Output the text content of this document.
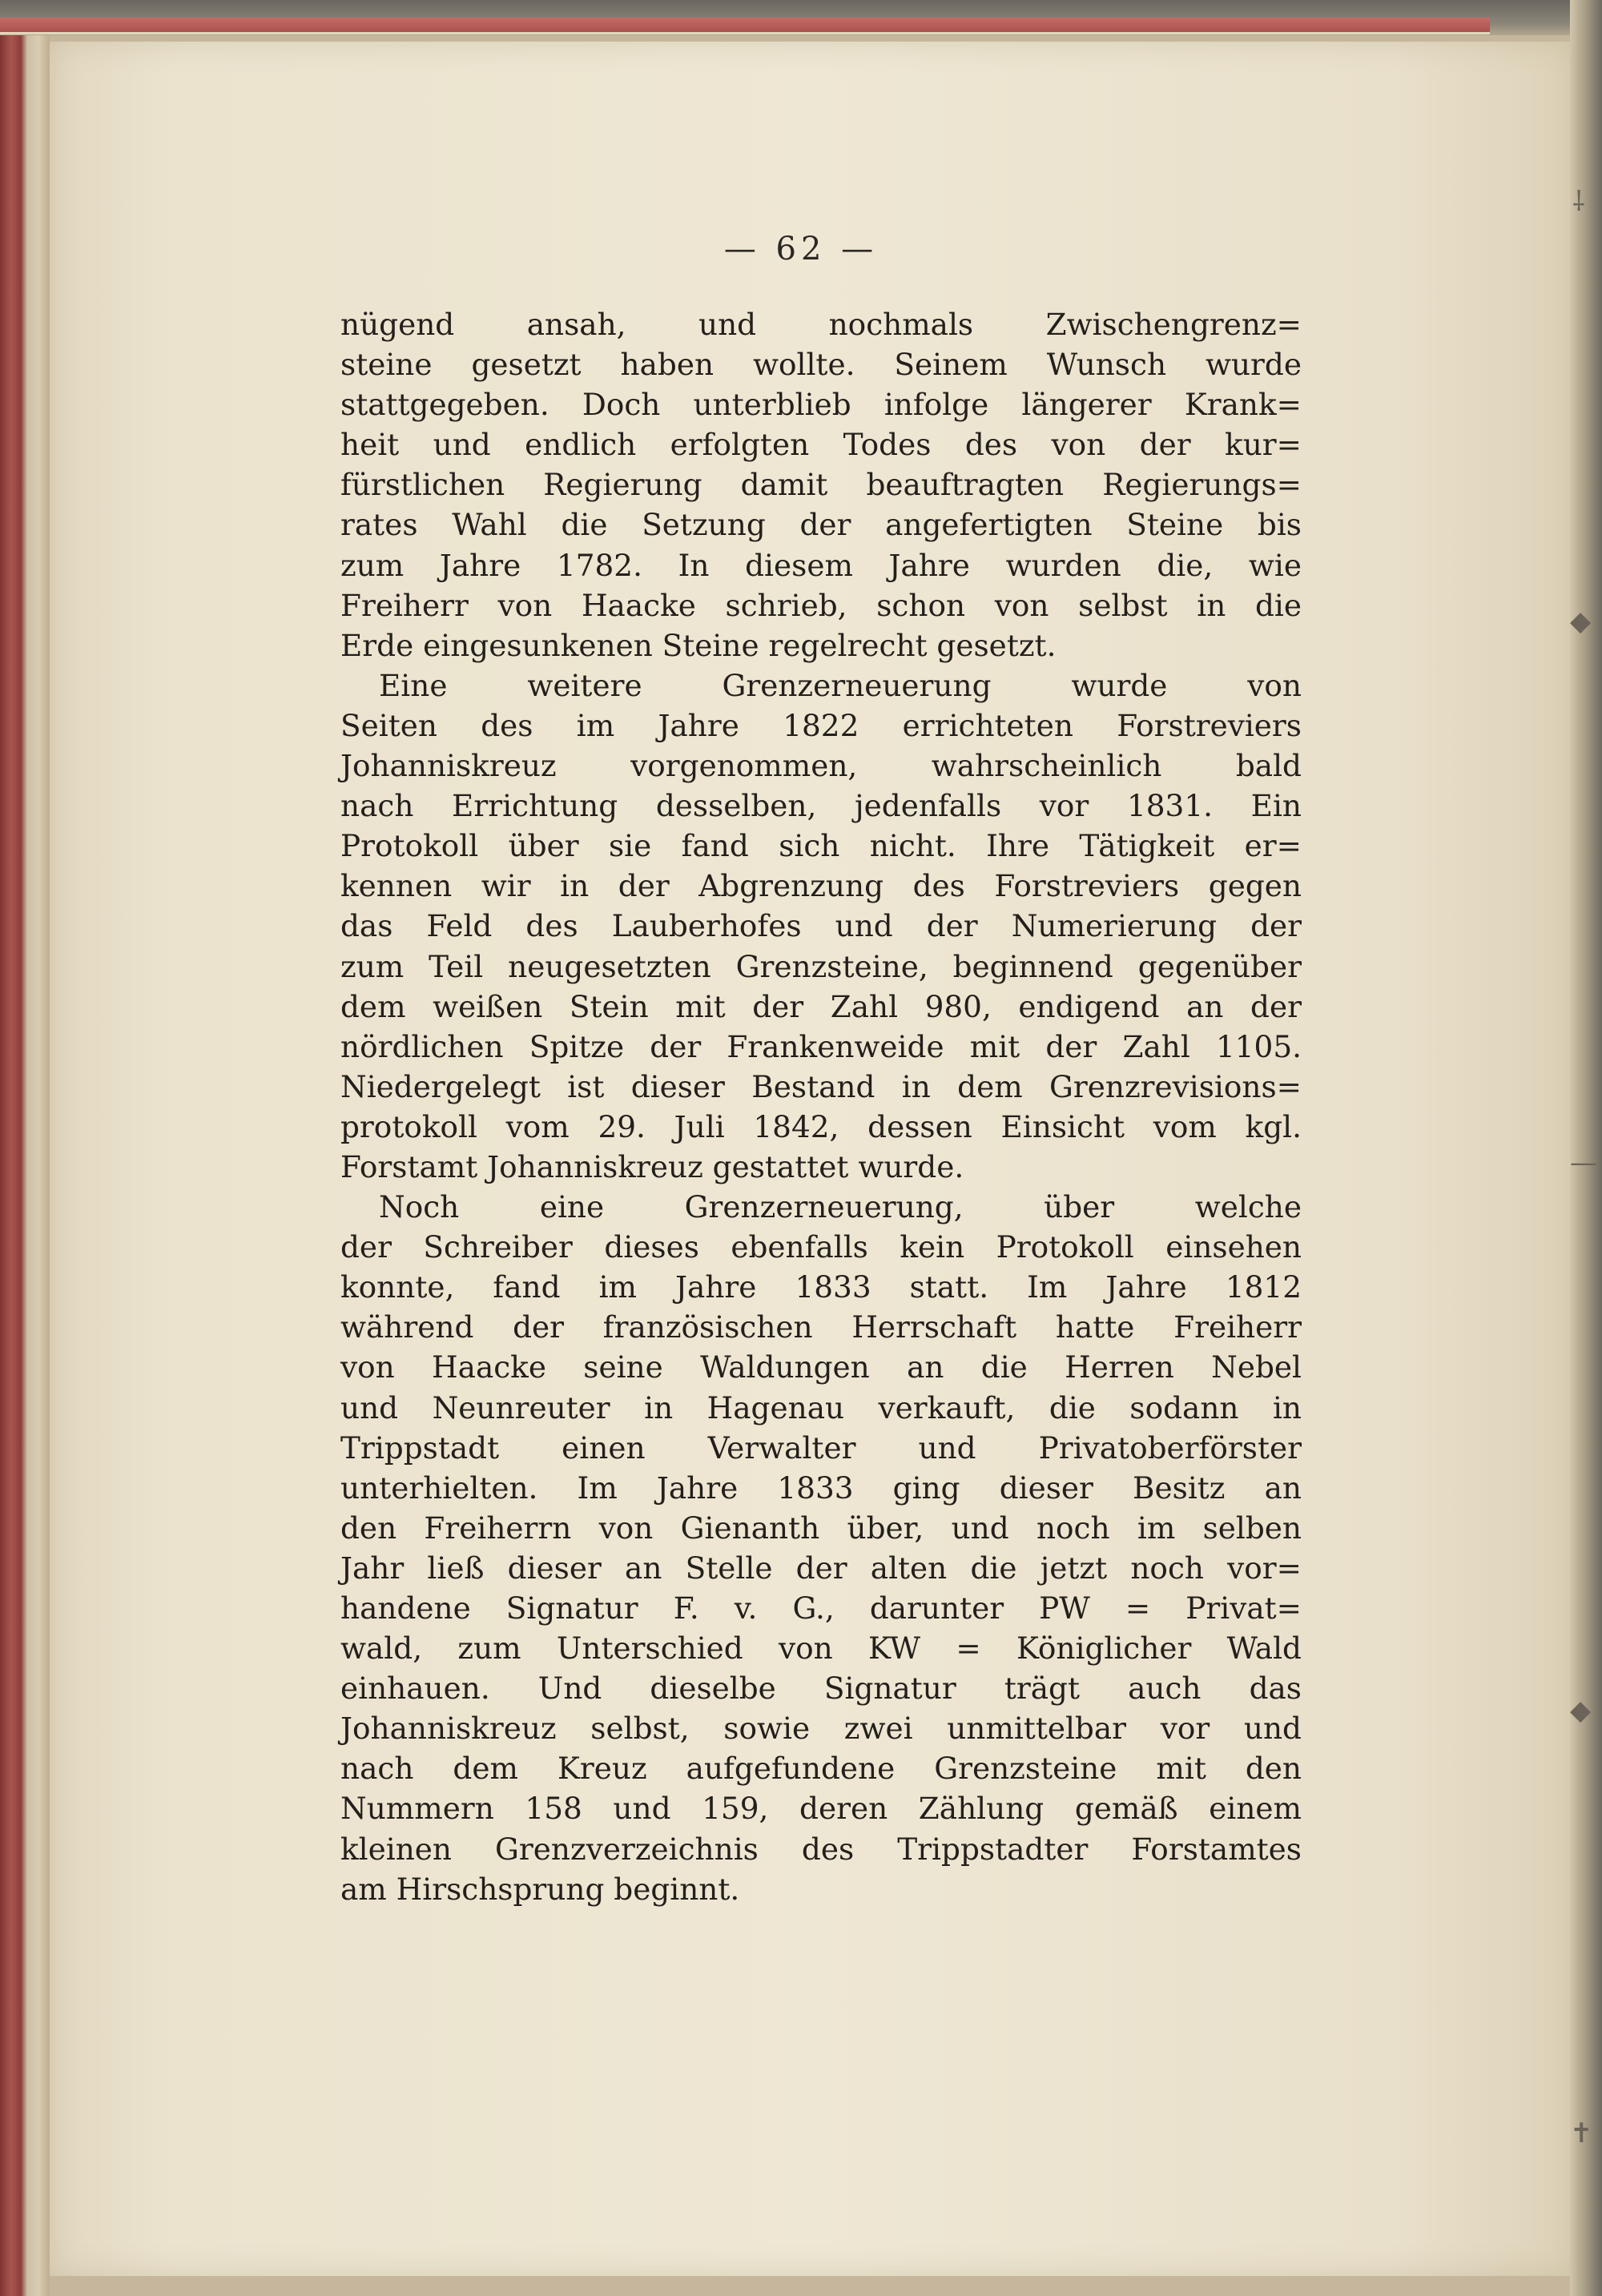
⸸
◆
—
◆
✝
— 62 —
nügend ansah, und nochmals Zwischengrenz=
steine gesetzt haben wollte. Seinem Wunsch wurde
stattgegeben. Doch unterblieb infolge längerer Krank=
heit und endlich erfolgten Todes des von der kur=
fürstlichen Regierung damit beauftragten Regierungs=
rates Wahl die Setzung der angefertigten Steine bis
zum Jahre 1782. In diesem Jahre wurden die, wie
Freiherr von Haacke schrieb, schon von selbst in die
Erde eingesunkenen Steine regelrecht gesetzt.
Eine weitere Grenzerneuerung wurde von
Seiten des im Jahre 1822 errichteten Forstreviers
Johanniskreuz vorgenommen, wahrscheinlich bald
nach Errichtung desselben, jedenfalls vor 1831. Ein
Protokoll über sie fand sich nicht. Ihre Tätigkeit er=
kennen wir in der Abgrenzung des Forstreviers gegen
das Feld des Lauberhofes und der Numerierung der
zum Teil neugesetzten Grenzsteine, beginnend gegenüber
dem weißen Stein mit der Zahl 980, endigend an der
nördlichen Spitze der Frankenweide mit der Zahl 1105.
Niedergelegt ist dieser Bestand in dem Grenzrevisions=
protokoll vom 29. Juli 1842, dessen Einsicht vom kgl.
Forstamt Johanniskreuz gestattet wurde.
Noch eine Grenzerneuerung, über welche
der Schreiber dieses ebenfalls kein Protokoll einsehen
konnte, fand im Jahre 1833 statt. Im Jahre 1812
während der französischen Herrschaft hatte Freiherr
von Haacke seine Waldungen an die Herren Nebel
und Neunreuter in Hagenau verkauft, die sodann in
Trippstadt einen Verwalter und Privatoberförster
unterhielten. Im Jahre 1833 ging dieser Besitz an
den Freiherrn von Gienanth über, und noch im selben
Jahr ließ dieser an Stelle der alten die jetzt noch vor=
handene Signatur F. v. G., darunter PW = Privat=
wald, zum Unterschied von KW = Königlicher Wald
einhauen. Und dieselbe Signatur trägt auch das
Johanniskreuz selbst, sowie zwei unmittelbar vor und
nach dem Kreuz aufgefundene Grenzsteine mit den
Nummern 158 und 159, deren Zählung gemäß einem
kleinen Grenzverzeichnis des Trippstadter Forstamtes
am Hirschsprung beginnt.
